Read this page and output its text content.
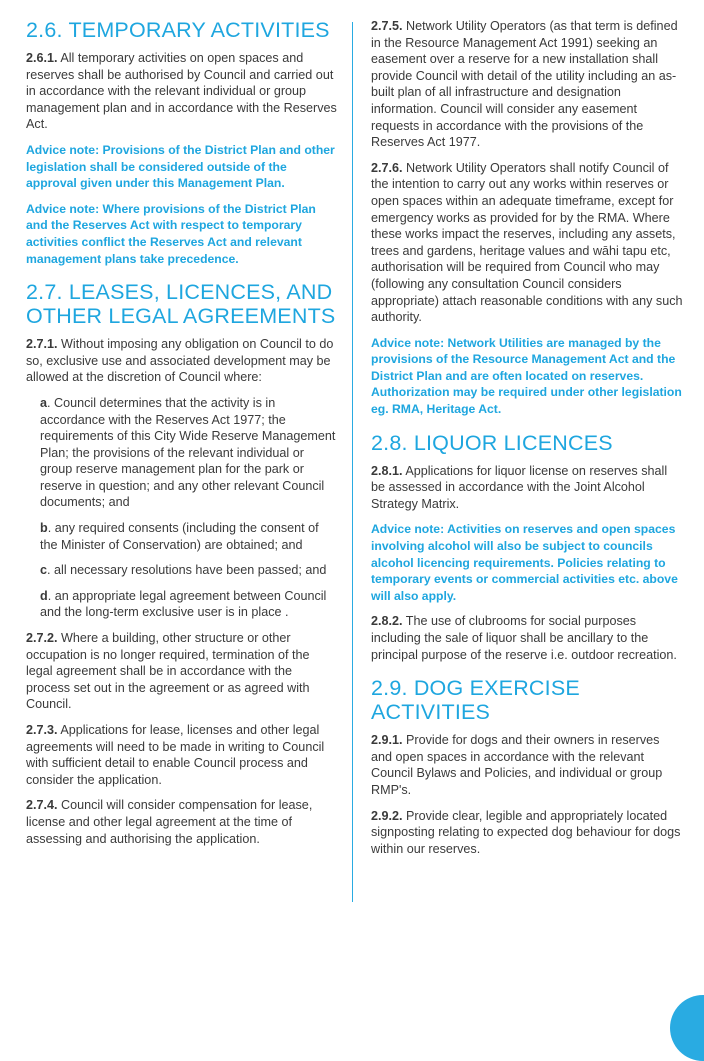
2.6. TEMPORARY ACTIVITIES

2.6.1. All temporary activities on open spaces and reserves shall be authorised by Council and carried out in accordance with the relevant individual or group management plan and in accordance with the Reserves Act.

Advice note: Provisions of the District Plan and other legislation shall be considered outside of the approval given under this Management Plan.

Advice note: Where provisions of the District Plan and the Reserves Act with respect to temporary activities conflict the Reserves Act and relevant management plans take precedence.

2.7. LEASES, LICENCES, AND OTHER LEGAL AGREEMENTS

2.7.1. Without imposing any obligation on Council to do so, exclusive use and associated development may be allowed at the discretion of Council where:

a. Council determines that the activity is in accordance with the Reserves Act 1977; the requirements of this City Wide Reserve Management Plan; the provisions of the relevant individual or group reserve management plan for the park or reserve in question; and any other relevant Council documents; and

b. any required consents (including the consent of the Minister of Conservation) are obtained; and

c. all necessary resolutions have been passed; and

d. an appropriate legal agreement between Council and the long-term exclusive user is in place .

2.7.2. Where a building, other structure or other occupation is no longer required, termination of the legal agreement shall be in accordance with the process set out in the agreement or as agreed with Council.

2.7.3. Applications for lease, licenses and other legal agreements will need to be made in writing to Council with sufficient detail to enable Council process and consider the application.

2.7.4. Council will consider compensation for lease, license and other legal agreement at the time of assessing and authorising the application.

2.7.5. Network Utility Operators (as that term is defined in the Resource Management Act 1991) seeking an easement over a reserve for a new installation shall provide Council with detail of the utility including an as-built plan of all infrastructure and designation information. Council will consider any easement requests in accordance with the provisions of the Reserves Act 1977.

2.7.6. Network Utility Operators shall notify Council of the intention to carry out any works within reserves or open spaces within an adequate timeframe, except for emergency works as provided for by the RMA. Where these works impact the reserves, including any assets, trees and gardens, heritage values and wāhi tapu etc, authorisation will be required from Council who may (following any consultation Council considers appropriate) attach reasonable conditions with any such authority.

Advice note: Network Utilities are managed by the provisions of the Resource Management Act and the District Plan and are often located on reserves. Authorization may be required under other legislation eg. RMA, Heritage Act.

2.8. LIQUOR LICENCES

2.8.1. Applications for liquor license on reserves shall be assessed in accordance with the Joint Alcohol Strategy Matrix.

Advice note: Activities on reserves and open spaces involving alcohol will also be subject to councils alcohol licencing requirements. Policies relating to temporary events or commercial activities etc. above will also apply.

2.8.2. The use of clubrooms for social purposes including the sale of liquor shall be ancillary to the principal purpose of the reserve i.e. outdoor recreation.

2.9. DOG EXERCISE ACTIVITIES

2.9.1. Provide for dogs and their owners in reserves and open spaces in accordance with the relevant Council Bylaws and Policies, and individual or group RMP's.

2.9.2. Provide clear, legible and appropriately located signposting relating to expected dog behaviour for dogs within our reserves.
